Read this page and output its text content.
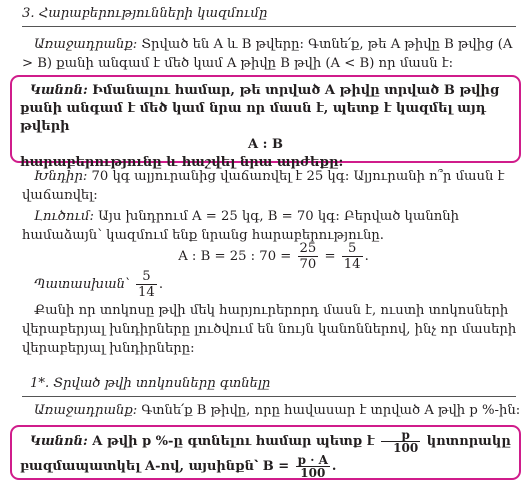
3. Հարաբերությունների կազմումը
Առաջադրանք: Տրված են A և B թվերը: Գտնե՛ք, թե A թիվը B թվից (A > B) քանի անգամ է մեծ կամ A թիվը B թվի (A < B) որ մասն է:
Կանոն: Իմանալու համար, թե տրված A թիվը տրված B թվից քանի անգամ է մեծ կամ նրա որ մասն է, պետք է կազմել այդ թվերի
A : B
հարաբերությունը և հաշվել նրա արժեքը:
Խնդիր: 70 կգ ալյուրանից վաճառվել է 25 կգ: Ալյուրանի ո՞ր մասն է վաճառվել:
Լուծում: Այս խնդրում A = 25 կգ, B = 70 կգ: Բերված կանոնի համաձայն՝ կազմում ենք նրանց հարաբերությունը.
A : B = 25 : $70 = \frac{25}{70} = \frac{5}{14}$ .
Պատասխան՝ $\frac{5}{14}$ .
Քանի որ տոկոսը թվի մեկ հարյուրերորդ մասն է, ուստի տոկոսների վերաբերյալ խնդիրները լուծվում են նույն կանոններով, ինչ որ մասերի վերաբերյալ խնդիրները:
1*. Տրված թվի տոկոսները գտնելը
Առաջադրանք: Գտնե՛ք B թիվը, որը հավասար է տրված A թվի p %-ին:
Կանոն: A թվի p %-ը գտնելու համար պետք է $\frac{p}{100}$ կոտորակը
բազմապատկել A-ով, այսինքն՝ $B = \frac{p \cdot A}{100}$ .
